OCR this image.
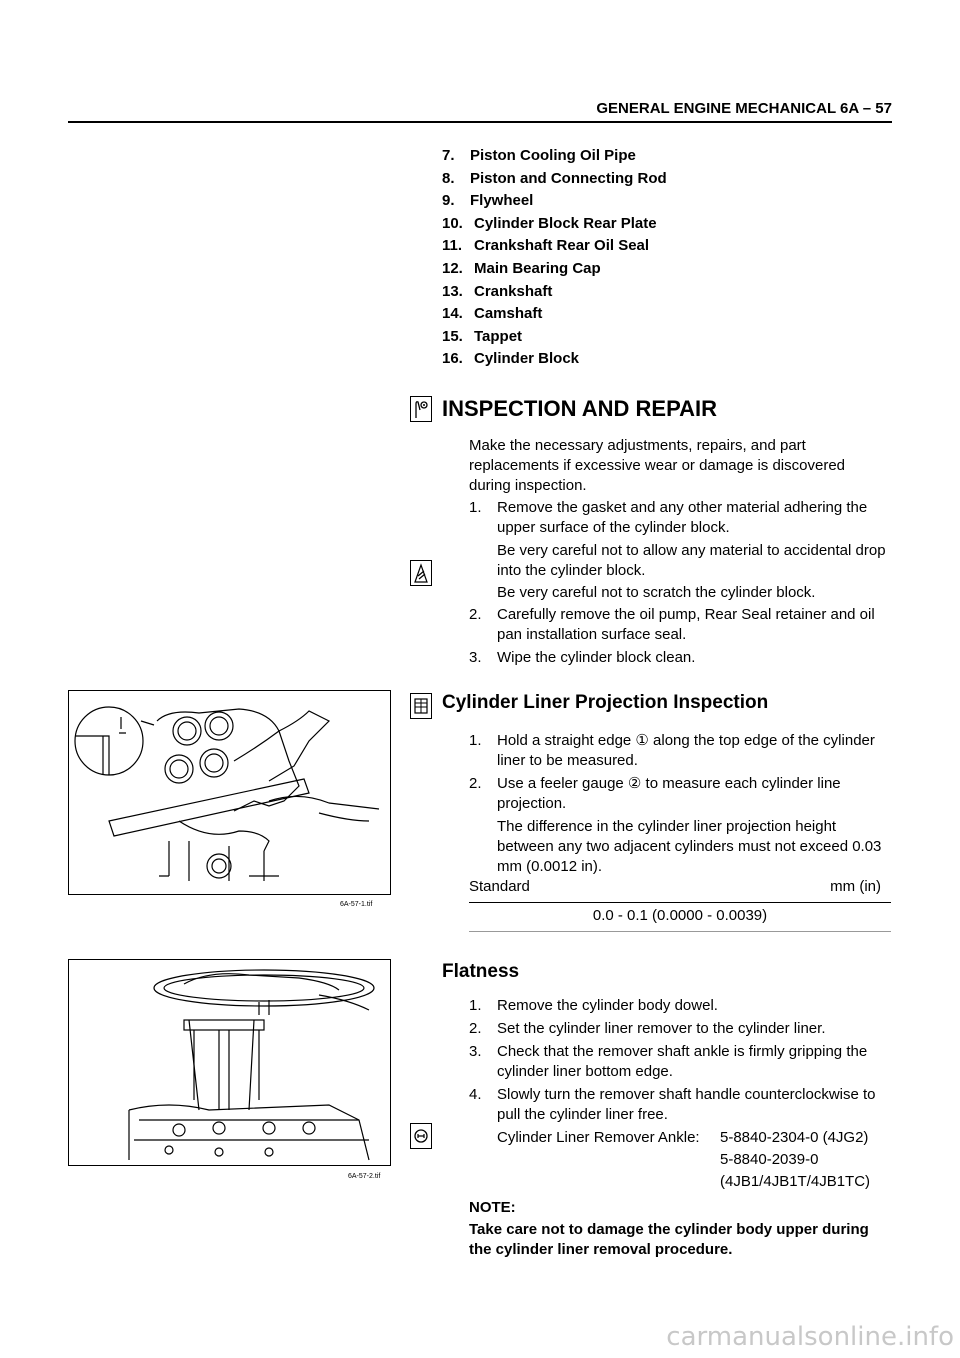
GENERAL ENGINE MECHANICAL 6A – 57
7.	Piston Cooling Oil Pipe
8.	Piston and Connecting Rod
9.	Flywheel
10. Cylinder Block Rear Plate
11. Crankshaft Rear Oil Seal
12. Main Bearing Cap
13. Crankshaft
14. Camshaft
15. Tappet
16. Cylinder Block
INSPECTION AND REPAIR
Make the necessary adjustments, repairs, and part replacements if excessive wear or damage is discovered during inspection.
1.	Remove the gasket and any other material adhering the upper surface of the cylinder block.
Be very careful not to allow any material to accidental drop into the cylinder block.
Be very careful not to scratch the cylinder block.
2.	Carefully remove the oil pump, Rear Seal retainer and oil pan installation surface seal.
3.	Wipe the cylinder block clean.
6A-57-1.tif
Cylinder Liner Projection Inspection
1.	Hold a straight edge ① along the top edge of the cylinder liner to be measured.
2.	Use a feeler gauge ② to measure each cylinder line projection.
The difference in the cylinder liner projection height between any two adjacent cylinders must not exceed 0.03 mm (0.0012 in).
Standard	mm (in)
0.0 - 0.1 (0.0000 - 0.0039)
6A-57-2.tif
Flatness
1.	Remove the cylinder body dowel.
2.	Set the cylinder liner remover to the cylinder liner.
3.	Check that the remover shaft ankle is firmly gripping the cylinder liner bottom edge.
4.	Slowly turn the remover shaft handle counterclockwise to pull the cylinder liner free.
Cylinder Liner Remover Ankle: 5-8840-2304-0 (4JG2)
5-8840-2039-0
(4JB1/4JB1T/4JB1TC)
NOTE:
Take care not to damage the cylinder body upper during the cylinder liner removal procedure.
carmanualsonline.info
